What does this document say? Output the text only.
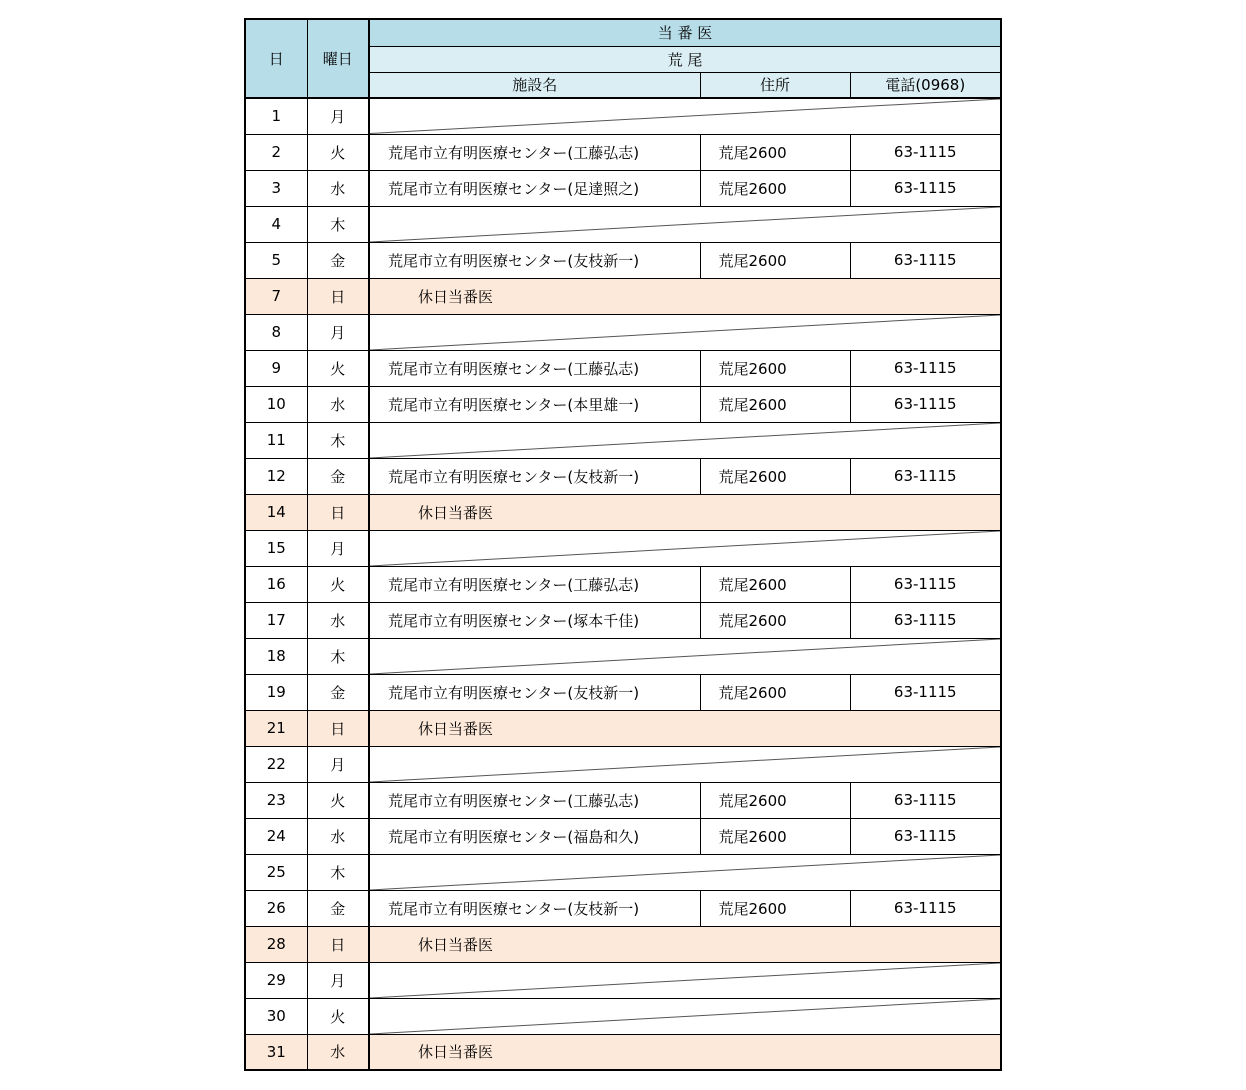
日	曜日	当 番 医		
		荒 尾		
		施設名	住所	電話(0968)
1	月	

2	火	荒尾市立有明医療センター(工藤弘志)	荒尾2600	63-1115
3	水	荒尾市立有明医療センター(足達照之)	荒尾2600	63-1115
4	木	

5	金	荒尾市立有明医療センター(友枝新一)	荒尾2600	63-1115
7	日	休日当番医		
8	月	

9	火	荒尾市立有明医療センター(工藤弘志)	荒尾2600	63-1115
10	水	荒尾市立有明医療センター(本里雄一)	荒尾2600	63-1115
11	木	

12	金	荒尾市立有明医療センター(友枝新一)	荒尾2600	63-1115
14	日	休日当番医		
15	月	

16	火	荒尾市立有明医療センター(工藤弘志)	荒尾2600	63-1115
17	水	荒尾市立有明医療センター(塚本千佳)	荒尾2600	63-1115
18	木	

19	金	荒尾市立有明医療センター(友枝新一)	荒尾2600	63-1115
21	日	休日当番医		
22	月	

23	火	荒尾市立有明医療センター(工藤弘志)	荒尾2600	63-1115
24	水	荒尾市立有明医療センター(福島和久)	荒尾2600	63-1115
25	木	

26	金	荒尾市立有明医療センター(友枝新一)	荒尾2600	63-1115
28	日	休日当番医		
29	月	

30	火	

31	水	休日当番医		
